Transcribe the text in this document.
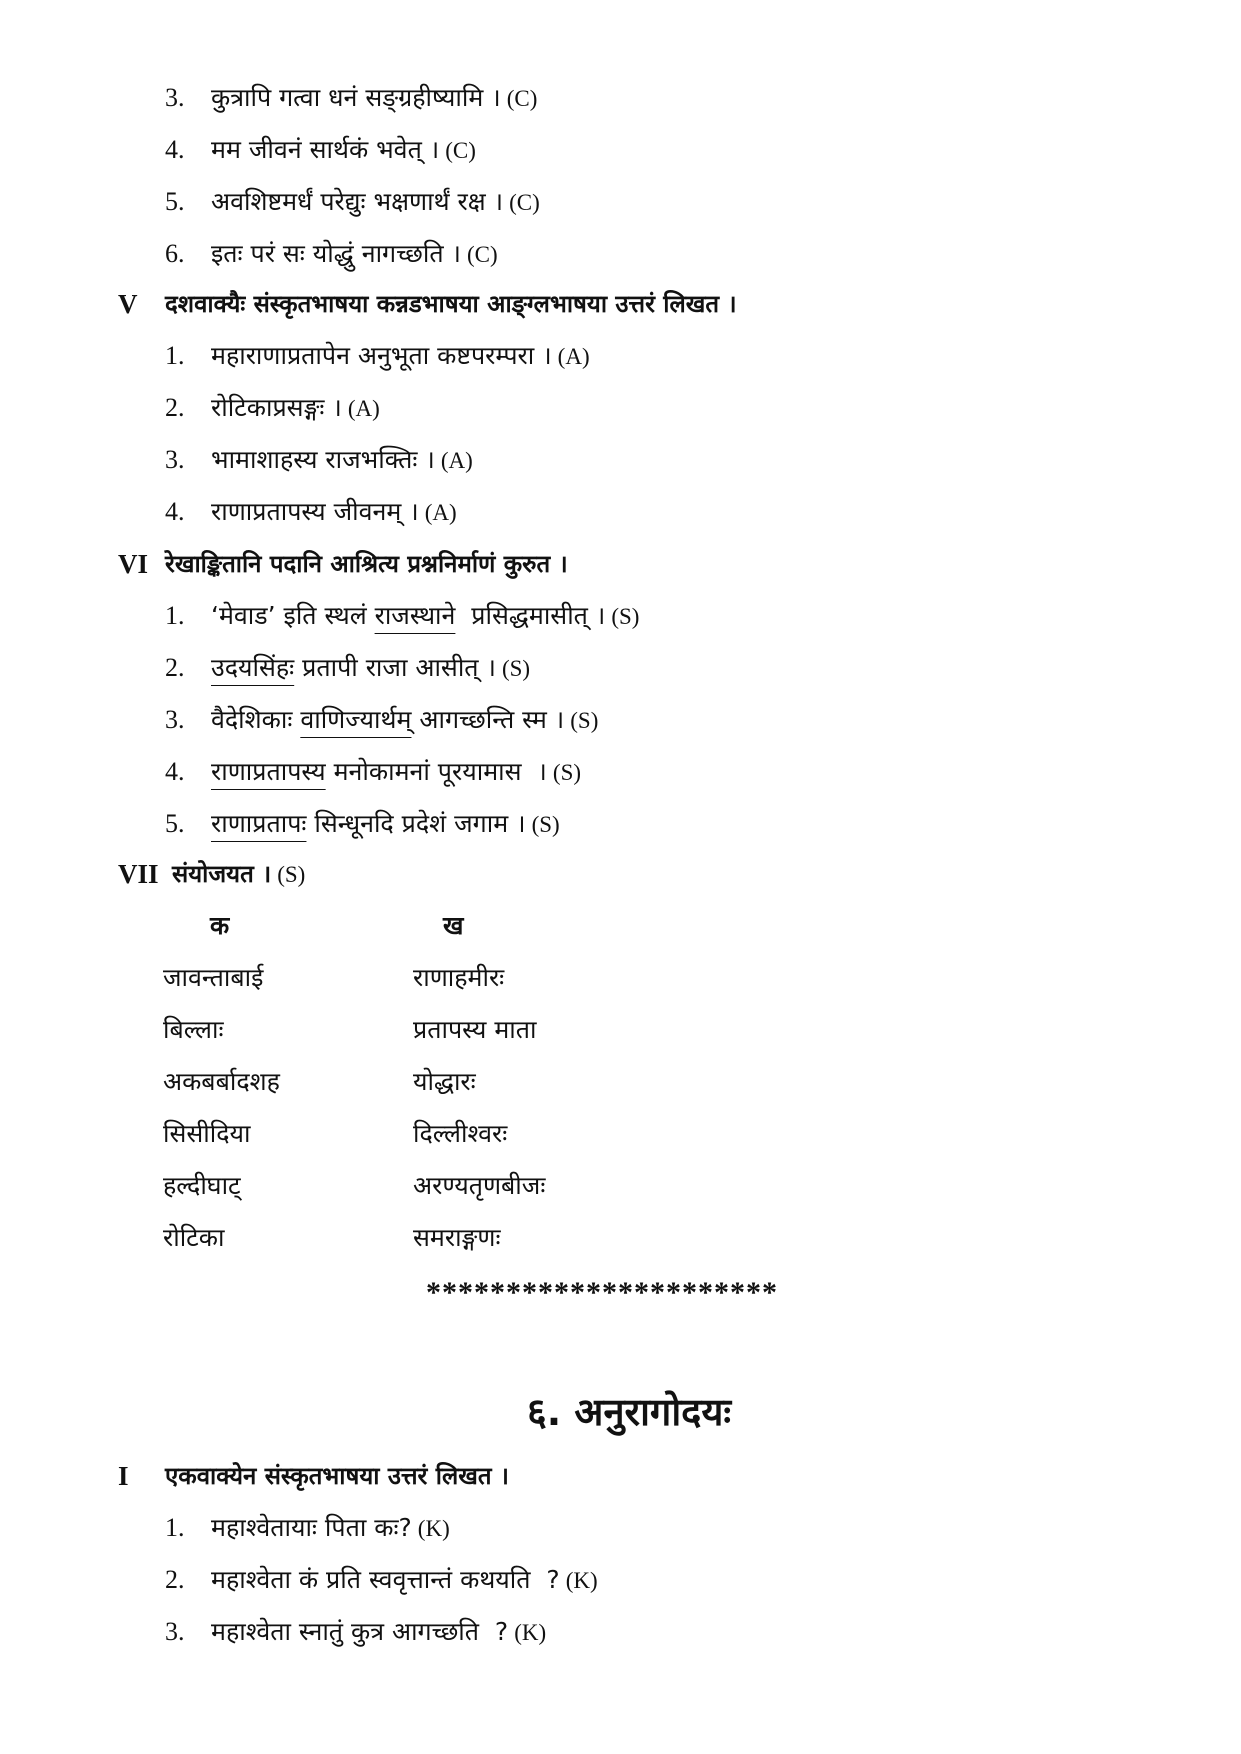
3. कुत्रापि गत्वा धनं सङ्ग्रहीष्यामि । (C)
4. मम जीवनं सार्थकं भवेत् । (C)
5. अवशिष्टमर्धं परेद्युः भक्षणार्थं रक्ष । (C)
6. इतः परं सः योद्धुं नागच्छति । (C)
V दशवाक्यैः संस्कृतभाषया कन्नडभाषया आङ्ग्लभाषया उत्तरं लिखत ।
1. महाराणाप्रतापेन अनुभूता कष्टपरम्परा । (A)
2. रोटिकाप्रसङ्गः । (A)
3. भामाशाहस्य राजभक्तिः । (A)
4. राणाप्रतापस्य जीवनम् । (A)
VI रेखाङ्कितानि पदानि आश्रित्य प्रश्ननिर्माणं कुरुत ।
1. ‘मेवाड’ इति स्थलं राजस्थाने  प्रसिद्धमासीत् । (S)
2. उदयसिंहः प्रतापी राजा आसीत् । (S)
3. वैदेशिकाः वाणिज्यार्थम् आगच्छन्ति स्म । (S)
4. राणाप्रतापस्य मनोकामनां पूरयामास  । (S)
5. राणाप्रतापः सिन्धूनदि प्रदेशं जगाम । (S)
VII संयोजयत । (S)
क	ख
जावन्ताबाई	राणाहमीरः
बिल्लाः	प्रतापस्य माता
अकबर्बादशह	योद्धारः
सिसीदिया	दिल्लीश्वरः
हल्दीघाट्	अरण्यतृणबीजः
रोटिका	समराङ्गणः
**********************
६. अनुरागोदयः
I एकवाक्येन संस्कृतभाषया उत्तरं लिखत ।
1. महाश्वेतायाः पिता कः? (K)
2. महाश्वेता कं प्रति स्ववृत्तान्तं कथयति  ? (K)
3. महाश्वेता स्नातुं कुत्र आगच्छति  ? (K)
